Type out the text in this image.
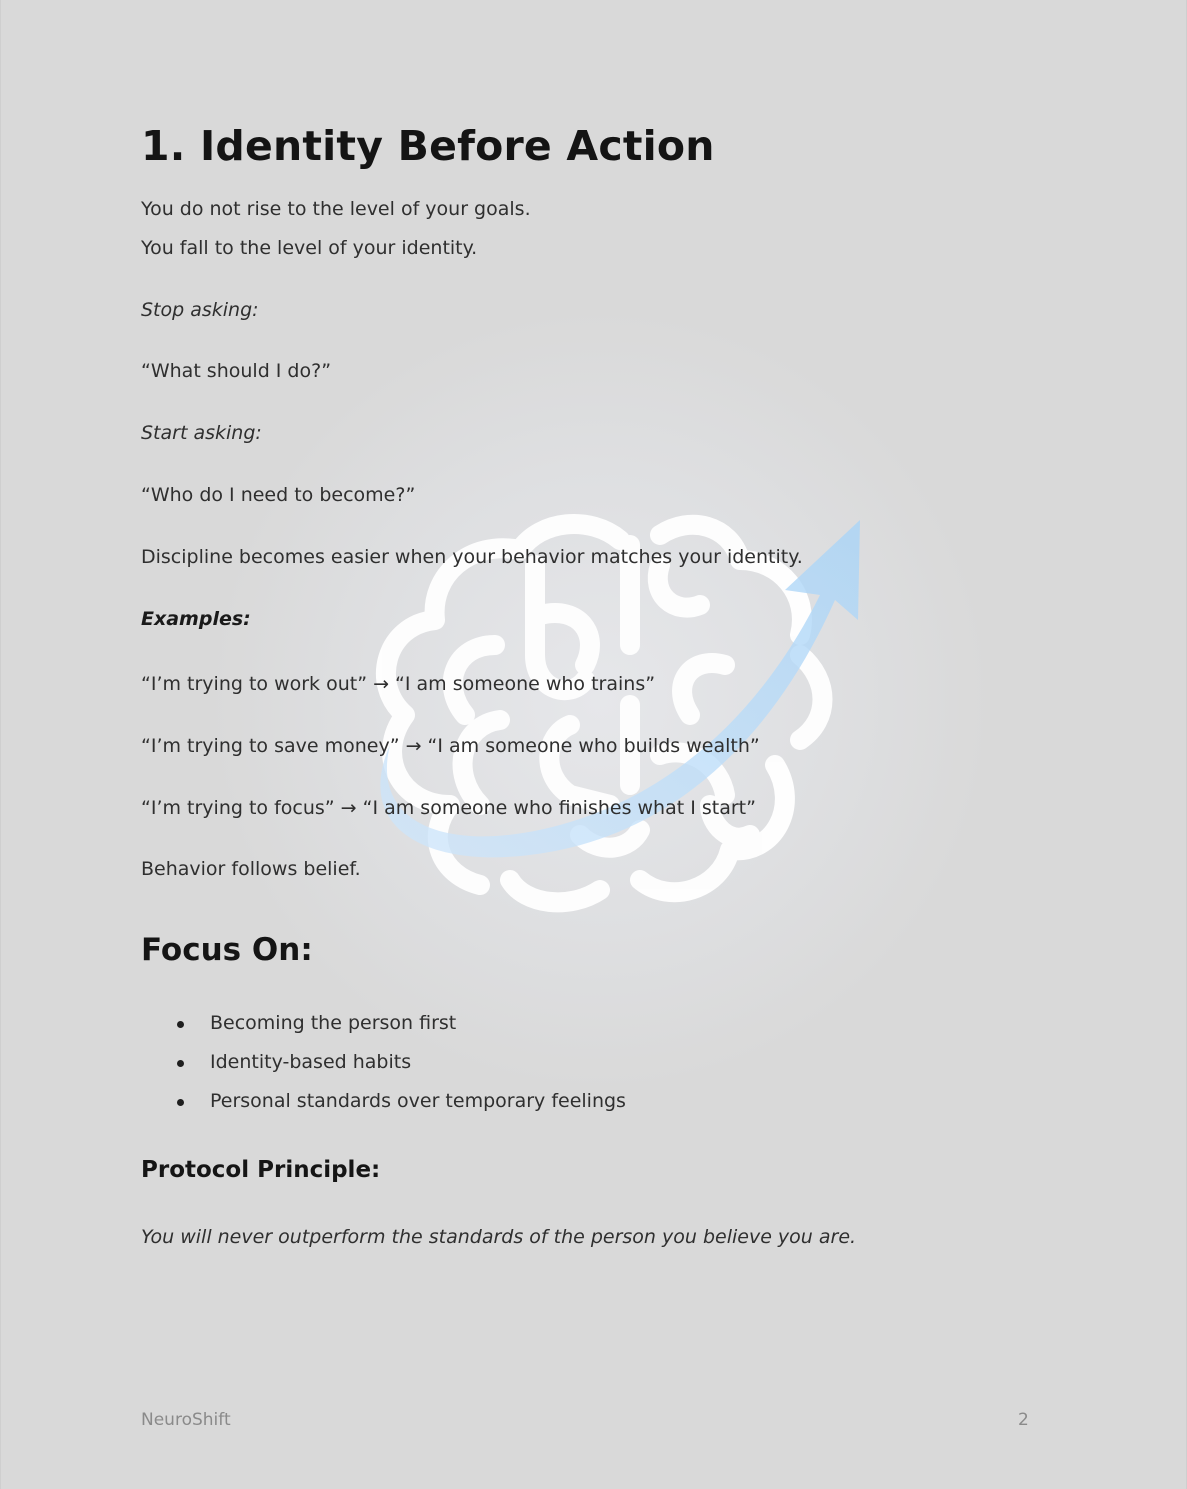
1. Identity Before Action

You do not rise to the level of your goals.

You fall to the level of your identity.

Stop asking:

“What should I do?”

Start asking:

“Who do I need to become?”

Discipline becomes easier when your behavior matches your identity.

Examples:

“I’m trying to work out” → “I am someone who trains”

“I’m trying to save money” → “I am someone who builds wealth”

“I’m trying to focus” → “I am someone who finishes what I start”

Behavior follows belief.

Focus On:
Becoming the person first
Identity-based habits
Personal standards over temporary feelings
Protocol Principle:

You will never outperform the standards of the person you believe you are.

NeuroShift	2
